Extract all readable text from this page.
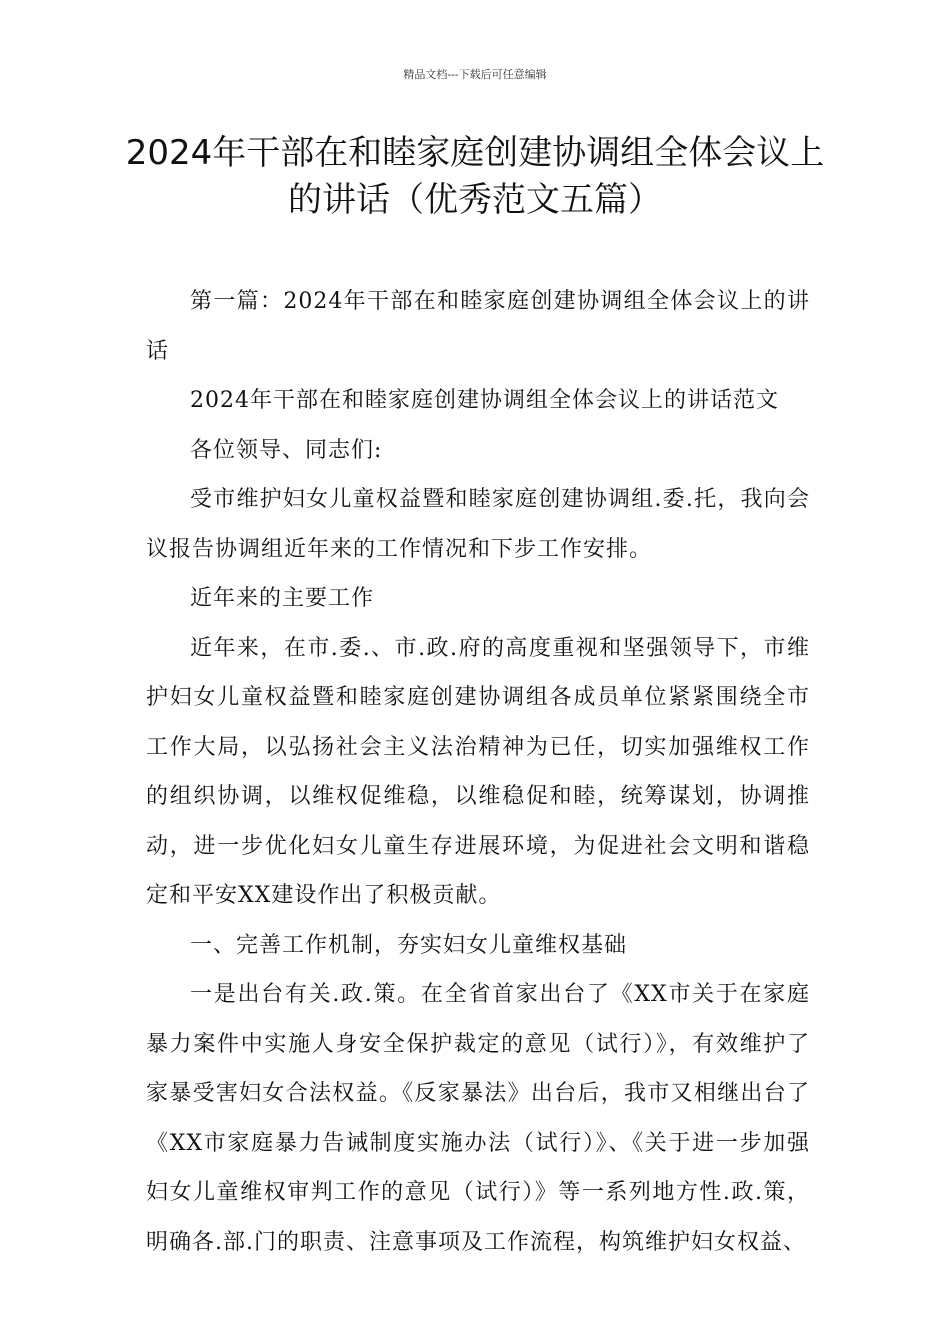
精品文档---下载后可任意编辑
2024年干部在和睦家庭创建协调组全体会议上的讲话（优秀范文五篇）

第一篇：2024年干部在和睦家庭创建协调组全体会议上的讲话

2024年干部在和睦家庭创建协调组全体会议上的讲话范文

各位领导、同志们:

受市维护妇女儿童权益暨和睦家庭创建协调组.委.托，我向会议报告协调组近年来的工作情况和下步工作安排。

近年来的主要工作

近年来，在市.委.、市.政.府的高度重视和坚强领导下，市维护妇女儿童权益暨和睦家庭创建协调组各成员单位紧紧围绕全市工作大局，以弘扬社会主义法治精神为已任，切实加强维权工作的组织协调，以维权促维稳，以维稳促和睦，统筹谋划，协调推动，进一步优化妇女儿童生存进展环境，为促进社会文明和谐稳定和平安XX建设作出了积极贡献。

一、完善工作机制，夯实妇女儿童维权基础

一是出台有关.政.策。在全省首家出台了《XX市关于在家庭暴力案件中实施人身安全保护裁定的意见（试行）》，有效维护了家暴受害妇女合法权益。《反家暴法》出台后，我市又相继出台了《XX市家庭暴力告诫制度实施办法（试行）》、《关于进一步加强妇女儿童维权审判工作的意见（试行）》等一系列地方性.政.策，明确各.部.门的职责、注意事项及工作流程，构筑维护妇女权益、
